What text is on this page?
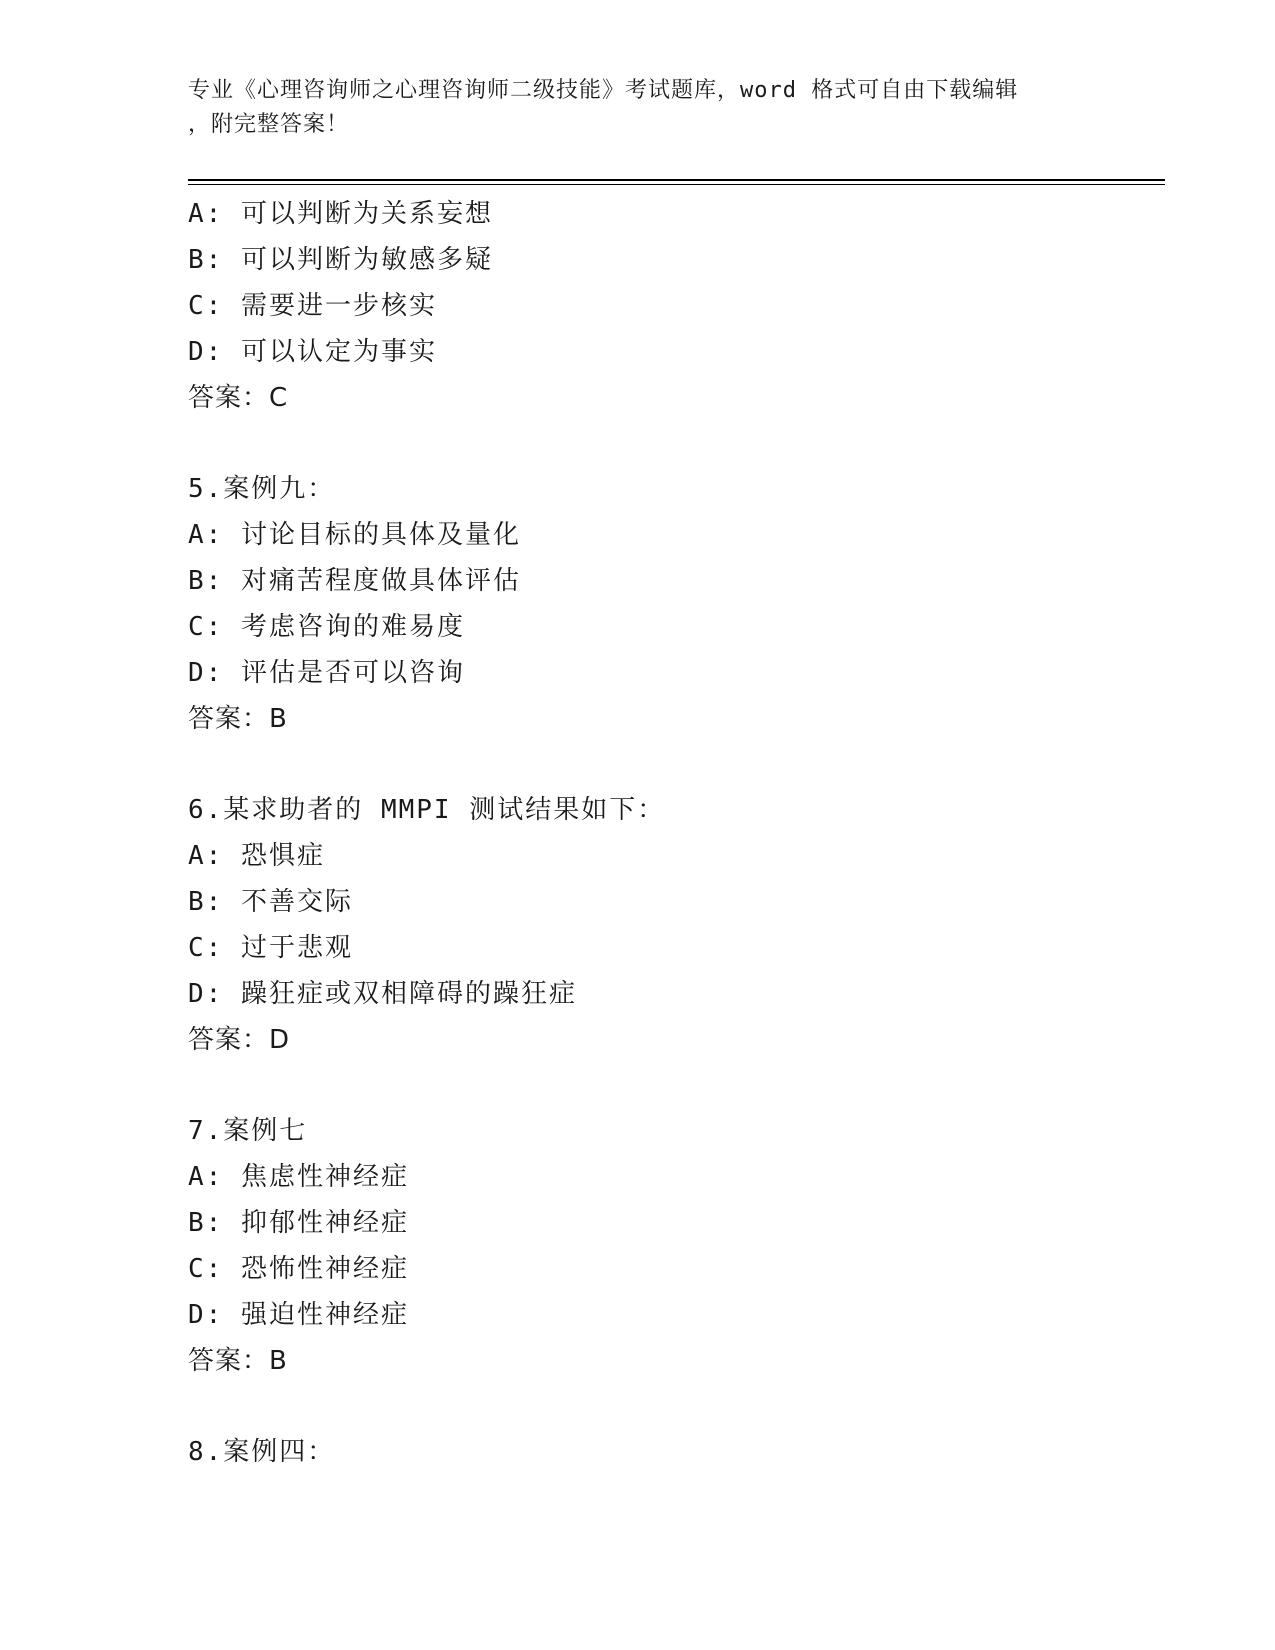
专业《心理咨询师之心理咨询师二级技能》考试题库，word 格式可自由下载编辑
，附完整答案！
A: 可以判断为关系妄想
B: 可以判断为敏感多疑
C: 需要进一步核实
D: 可以认定为事实
答案：C
5.案例九：
A: 讨论目标的具体及量化
B: 对痛苦程度做具体评估
C: 考虑咨询的难易度
D: 评估是否可以咨询
答案：B
6.某求助者的 MMPI 测试结果如下：
A: 恐惧症
B: 不善交际
C: 过于悲观
D: 躁狂症或双相障碍的躁狂症
答案：D
7.案例七
A: 焦虑性神经症
B: 抑郁性神经症
C: 恐怖性神经症
D: 强迫性神经症
答案：B
8.案例四：
